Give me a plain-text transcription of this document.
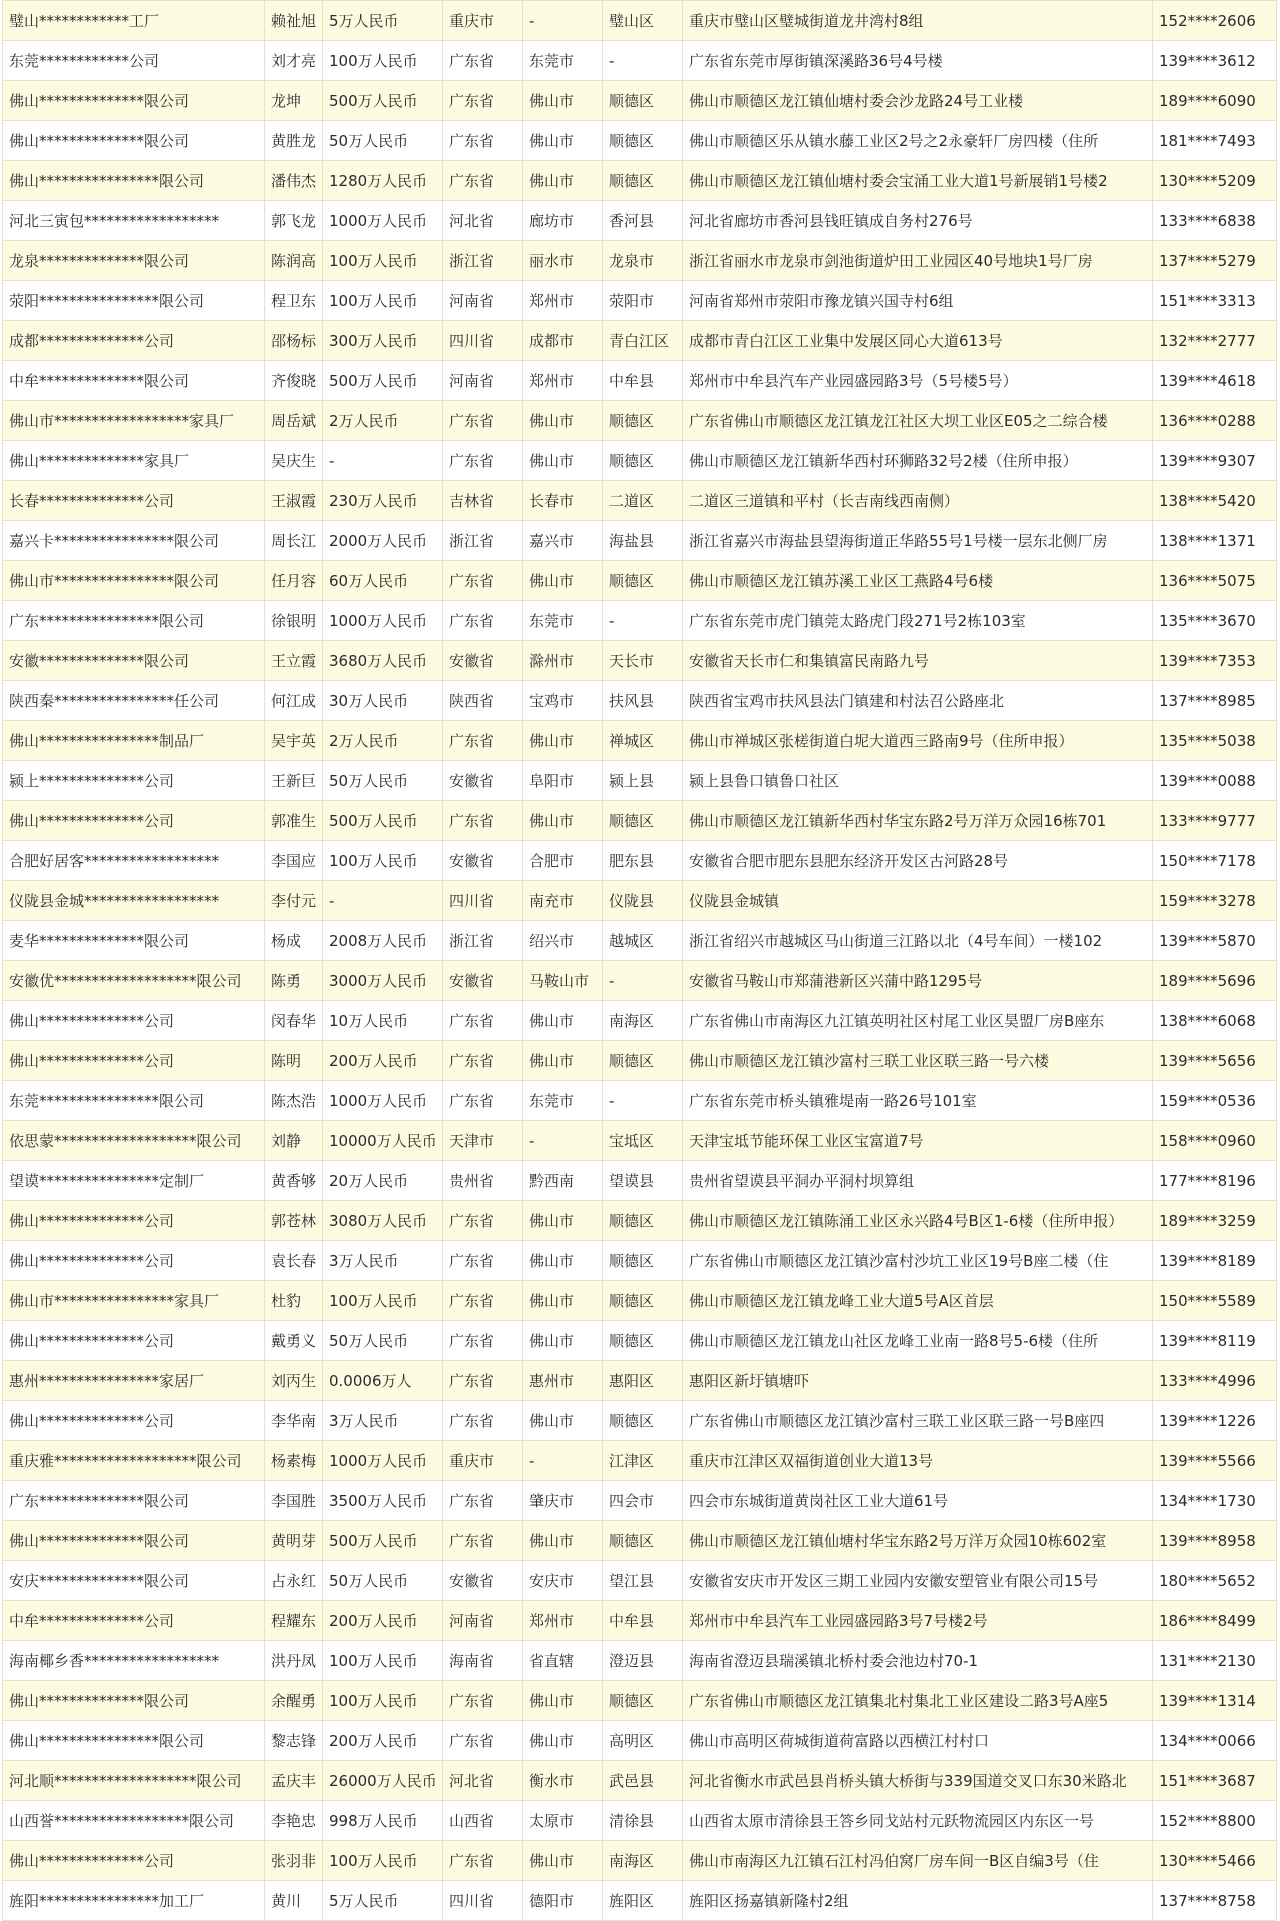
璧山************工厂	赖祉旭	5万人民币	重庆市	-	璧山区	重庆市璧山区璧城街道龙井湾村8组	152****2606
东莞************公司	刘才亮	100万人民币	广东省	东莞市	-	广东省东莞市厚街镇深溪路36号4号楼	139****3612
佛山**************限公司	龙坤	500万人民币	广东省	佛山市	顺德区	佛山市顺德区龙江镇仙塘村委会沙龙路24号工业楼	189****6090
佛山**************限公司	黄胜龙	50万人民币	广东省	佛山市	顺德区	佛山市顺德区乐从镇水藤工业区2号之2永豪轩厂房四楼（住所	181****7493
佛山****************限公司	潘伟杰	1280万人民币	广东省	佛山市	顺德区	佛山市顺德区龙江镇仙塘村委会宝涌工业大道1号新展销1号楼2	130****5209
河北三寅包******************	郭飞龙	1000万人民币	河北省	廊坊市	香河县	河北省廊坊市香河县钱旺镇成自务村276号	133****6838
龙泉**************限公司	陈润高	100万人民币	浙江省	丽水市	龙泉市	浙江省丽水市龙泉市剑池街道炉田工业园区40号地块1号厂房	137****5279
荥阳****************限公司	程卫东	100万人民币	河南省	郑州市	荥阳市	河南省郑州市荥阳市豫龙镇兴国寺村6组	151****3313
成都**************公司	邵杨标	300万人民币	四川省	成都市	青白江区	成都市青白江区工业集中发展区同心大道613号	132****2777
中牟**************限公司	齐俊晓	500万人民币	河南省	郑州市	中牟县	郑州市中牟县汽车产业园盛园路3号（5号楼5号）	139****4618
佛山市******************家具厂	周岳斌	2万人民币	广东省	佛山市	顺德区	广东省佛山市顺德区龙江镇龙江社区大坝工业区E05之二综合楼	136****0288
佛山**************家具厂	吴庆生	-	广东省	佛山市	顺德区	佛山市顺德区龙江镇新华西村环狮路32号2楼（住所申报）	139****9307
长春**************公司	王淑霞	230万人民币	吉林省	长春市	二道区	二道区三道镇和平村（长吉南线西南侧）	138****5420
嘉兴卡****************限公司	周长江	2000万人民币	浙江省	嘉兴市	海盐县	浙江省嘉兴市海盐县望海街道正华路55号1号楼一层东北侧厂房	138****1371
佛山市****************限公司	任月容	60万人民币	广东省	佛山市	顺德区	佛山市顺德区龙江镇苏溪工业区工燕路4号6楼	136****5075
广东****************限公司	徐银明	1000万人民币	广东省	东莞市	-	广东省东莞市虎门镇莞太路虎门段271号2栋103室	135****3670
安徽**************限公司	王立霞	3680万人民币	安徽省	滁州市	天长市	安徽省天长市仁和集镇富民南路九号	139****7353
陕西秦****************任公司	何江成	30万人民币	陕西省	宝鸡市	扶风县	陕西省宝鸡市扶风县法门镇建和村法召公路座北	137****8985
佛山****************制品厂	吴宇英	2万人民币	广东省	佛山市	禅城区	佛山市禅城区张槎街道白坭大道西三路南9号（住所申报）	135****5038
颍上**************公司	王新巨	50万人民币	安徽省	阜阳市	颍上县	颍上县鲁口镇鲁口社区	139****0088
佛山**************公司	郭准生	500万人民币	广东省	佛山市	顺德区	佛山市顺德区龙江镇新华西村华宝东路2号万洋万众园16栋701	133****9777
合肥好居客******************	李国应	100万人民币	安徽省	合肥市	肥东县	安徽省合肥市肥东县肥东经济开发区古河路28号	150****7178
仪陇县金城******************	李付元	-	四川省	南充市	仪陇县	仪陇县金城镇	159****3278
麦华**************限公司	杨成	2008万人民币	浙江省	绍兴市	越城区	浙江省绍兴市越城区马山街道三江路以北（4号车间）一楼102	139****5870
安徽优*******************限公司	陈勇	3000万人民币	安徽省	马鞍山市	-	安徽省马鞍山市郑蒲港新区兴蒲中路1295号	189****5696
佛山**************公司	闵春华	10万人民币	广东省	佛山市	南海区	广东省佛山市南海区九江镇英明社区村尾工业区昊盟厂房B座东	138****6068
佛山**************公司	陈明	200万人民币	广东省	佛山市	顺德区	佛山市顺德区龙江镇沙富村三联工业区联三路一号六楼	139****5656
东莞****************限公司	陈杰浩	1000万人民币	广东省	东莞市	-	广东省东莞市桥头镇雅堤南一路26号101室	159****0536
依思蒙*******************限公司	刘静	10000万人民币	天津市	-	宝坻区	天津宝坻节能环保工业区宝富道7号	158****0960
望谟****************定制厂	黄香够	20万人民币	贵州省	黔西南	望谟县	贵州省望谟县平洞办平洞村坝算组	177****8196
佛山**************公司	郭苍林	3080万人民币	广东省	佛山市	顺德区	佛山市顺德区龙江镇陈涌工业区永兴路4号B区1-6楼（住所申报）	189****3259
佛山**************公司	袁长春	3万人民币	广东省	佛山市	顺德区	广东省佛山市顺德区龙江镇沙富村沙坑工业区19号B座二楼（住	139****8189
佛山市****************家具厂	杜豹	100万人民币	广东省	佛山市	顺德区	佛山市顺德区龙江镇龙峰工业大道5号A区首层	150****5589
佛山**************公司	戴勇义	50万人民币	广东省	佛山市	顺德区	佛山市顺德区龙江镇龙山社区龙峰工业南一路8号5-6楼（住所	139****8119
惠州****************家居厂	刘丙生	0.0006万人	广东省	惠州市	惠阳区	惠阳区新圩镇塘吓	133****4996
佛山**************公司	李华南	3万人民币	广东省	佛山市	顺德区	广东省佛山市顺德区龙江镇沙富村三联工业区联三路一号B座四	139****1226
重庆雅*******************限公司	杨素梅	1000万人民币	重庆市	-	江津区	重庆市江津区双福街道创业大道13号	139****5566
广东**************限公司	李国胜	3500万人民币	广东省	肇庆市	四会市	四会市东城街道黄岗社区工业大道61号	134****1730
佛山**************限公司	黄明芽	500万人民币	广东省	佛山市	顺德区	佛山市顺德区龙江镇仙塘村华宝东路2号万洋万众园10栋602室	139****8958
安庆**************限公司	占永红	50万人民币	安徽省	安庆市	望江县	安徽省安庆市开发区三期工业园内安徽安塑管业有限公司15号	180****5652
中牟**************公司	程耀东	200万人民币	河南省	郑州市	中牟县	郑州市中牟县汽车工业园盛园路3号7号楼2号	186****8499
海南椰乡香******************	洪丹凤	100万人民币	海南省	省直辖	澄迈县	海南省澄迈县瑞溪镇北桥村委会池边村70-1	131****2130
佛山**************限公司	余醒勇	100万人民币	广东省	佛山市	顺德区	广东省佛山市顺德区龙江镇集北村集北工业区建设二路3号A座5	139****1314
佛山****************限公司	黎志锋	200万人民币	广东省	佛山市	高明区	佛山市高明区荷城街道荷富路以西横江村村口	134****0066
河北顺*******************限公司	孟庆丰	26000万人民币	河北省	衡水市	武邑县	河北省衡水市武邑县肖桥头镇大桥街与339国道交叉口东30米路北	151****3687
山西誉******************限公司	李艳忠	998万人民币	山西省	太原市	清徐县	山西省太原市清徐县王答乡同戈站村元跃物流园区内东区一号	152****8800
佛山**************公司	张羽非	100万人民币	广东省	佛山市	南海区	佛山市南海区九江镇石江村冯伯窝厂房车间一B区自编3号（住	130****5466
旌阳****************加工厂	黄川	5万人民币	四川省	德阳市	旌阳区	旌阳区扬嘉镇新隆村2组	137****8758
